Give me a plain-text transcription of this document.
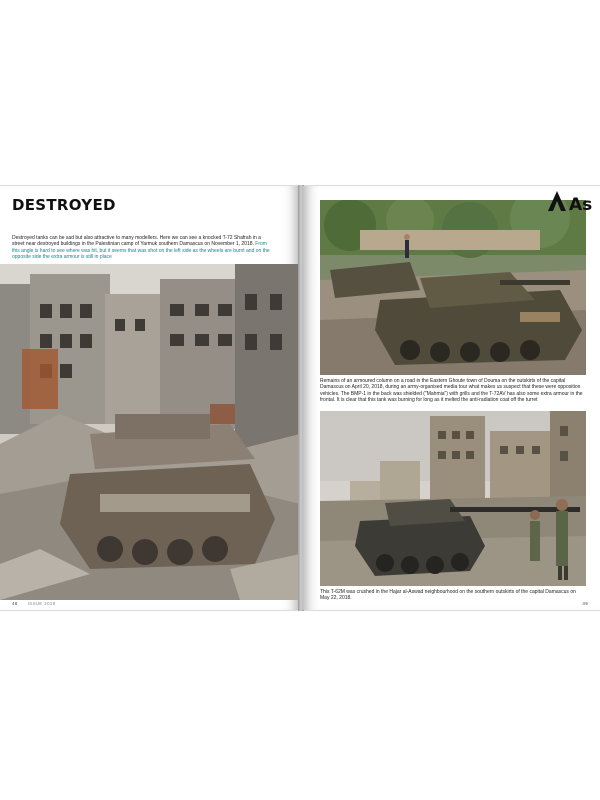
DESTROYED

Destroyed tanks can be sad but also attractive to many modellers. Here we can see a knocked T-72 Shafrah in a street near destroyed buildings in the Palestinian camp of Yarmuk southern Damascus on November 1, 2018. From this angle is hard to see where was hit, but it seems that was shot on the left side as the wheels are burnt and on the opposite side the extra armour is still in place

48 ISSUE 2018
As

Remains of an armoured column on a road in the Eastern Ghoute town of Douma on the outskirts of the capital Damascus on April 20, 2018, during an army-organised media tour what makes us suspect that these were opposition vehicles. The BMP-1 in the back was shielded ("Mahmia") with grills and the T-72AV has also some extra armour in the frontal. It is clear that this tank was burning for long as it melted the anti-radiation coat off the turret

This T-62M was crushed in the Hajar al-Aswad neighbourhood on the southern outskirts of the capital Damascus on May 22, 2018.

49
